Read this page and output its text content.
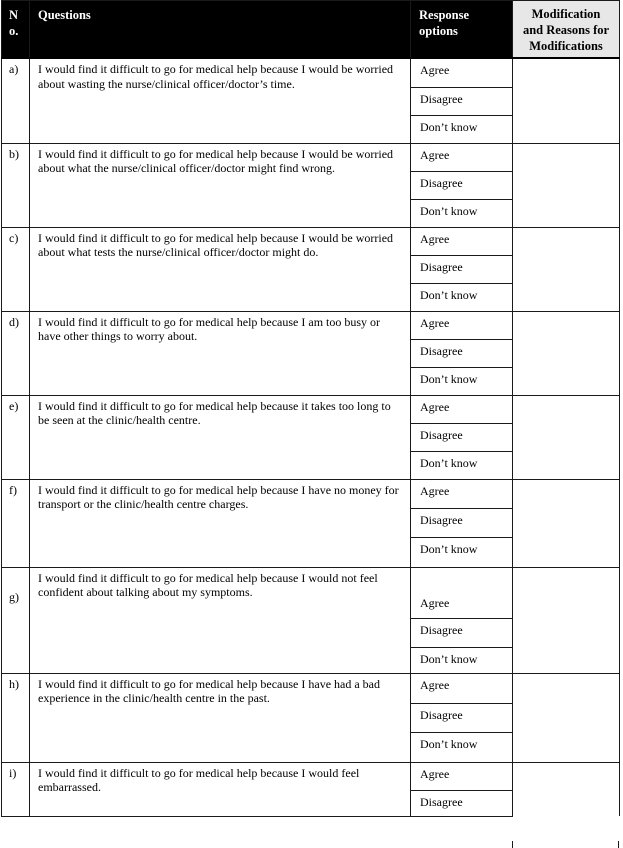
No.	Questions	Response options	Modification and Reasons for Modifications
a)	I would find it difficult to go for medical help because I would be worried about wasting the nurse/clinical officer/doctor’s time.	Agree	
		Disagree	
		Don’t know	
b)	I would find it difficult to go for medical help because I would be worried about what the nurse/clinical officer/doctor might find wrong.	Agree	
		Disagree	
		Don’t know	
c)	I would find it difficult to go for medical help because I would be worried about what tests the nurse/clinical officer/doctor might do.	Agree	
		Disagree	
		Don’t know	
d)	I would find it difficult to go for medical help because I am too busy or have other things to worry about.	Agree	
		Disagree	
		Don’t know	
e)	I would find it difficult to go for medical help because it takes too long to be seen at the clinic/health centre.	Agree	
		Disagree	
		Don’t know	
f)	I would find it difficult to go for medical help because I have no money for transport or the clinic/health centre charges.	Agree	
		Disagree	
		Don’t know	
g)	I would find it difficult to go for medical help because I would not feel confident about talking about my symptoms.	Agree	
		Disagree	
		Don’t know	
h)	I would find it difficult to go for medical help because I have had a bad experience in the clinic/health centre in the past.	Agree	
		Disagree	
		Don’t know	
i)	I would find it difficult to go for medical help because I would feel embarrassed.	Agree	
		Disagree	
